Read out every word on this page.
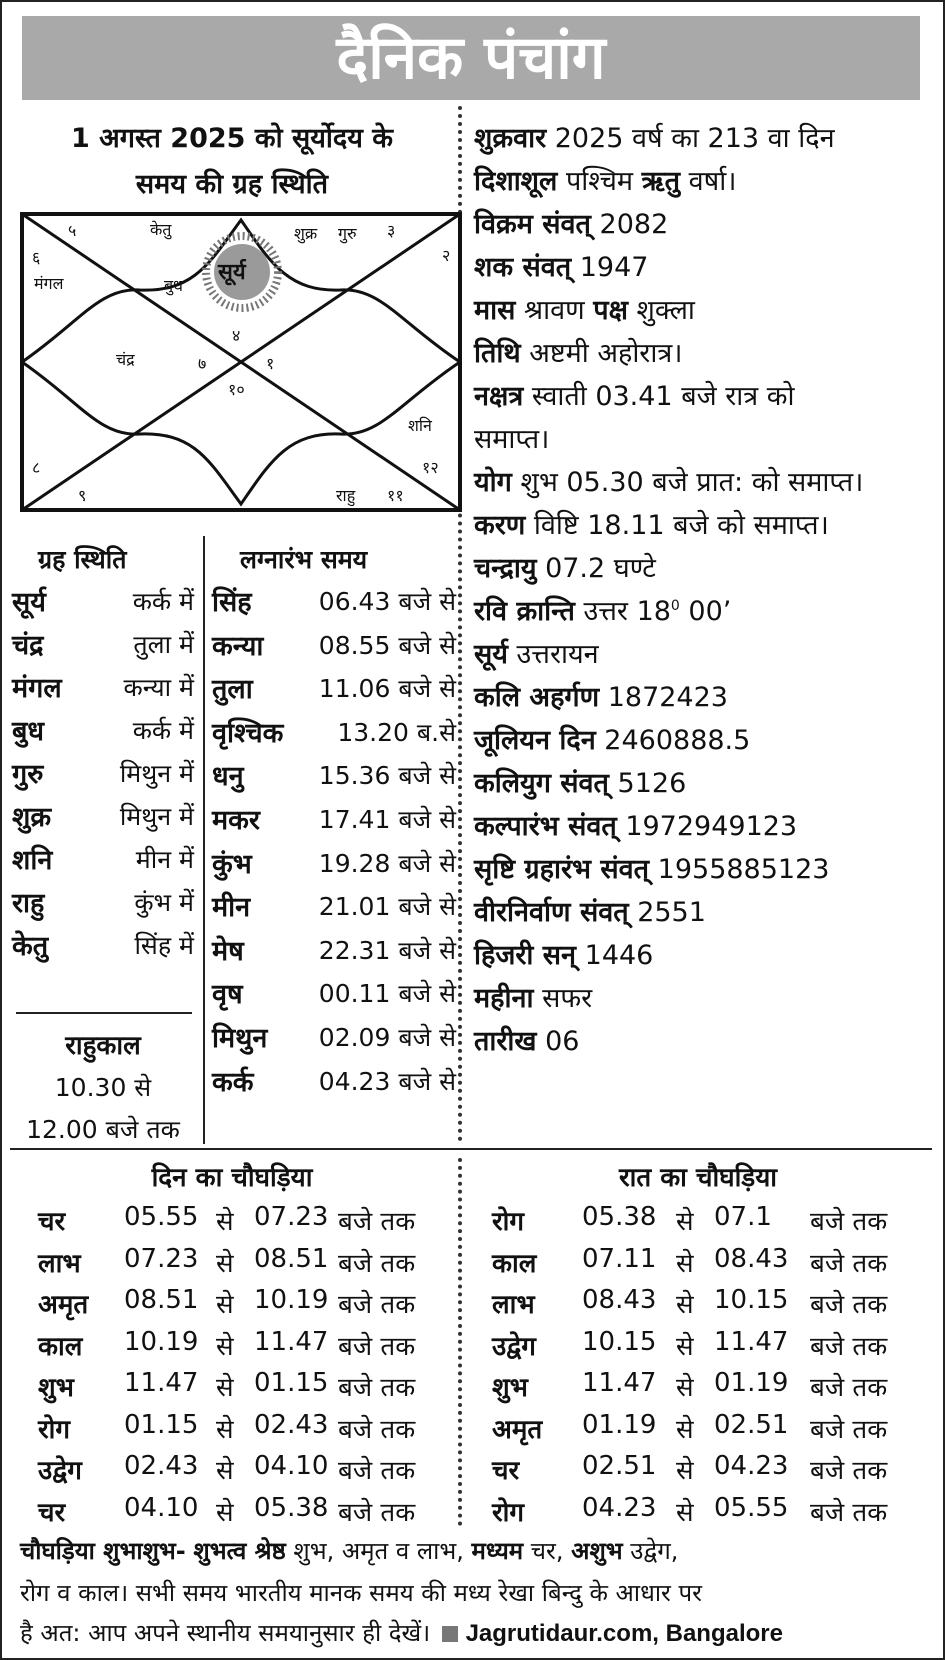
दैनिक पंचांग
1 अगस्त 2025 को सूर्योदय के
समय की ग्रह स्थिति
५
६
३
२
४
१
७
१०
८
९
१२
११
केतु	शुक्र गुरु
मंगल	बुध
सूर्य
चंद्र
शनि
राहु
शुक्रवार 2025 वर्ष का 213 वा दिन
दिशाशूल पश्चिम ऋतु वर्षा।
विक्रम संवत् 2082
शक संवत् 1947
मास श्रावण पक्ष शुक्ला
तिथि अष्टमी अहोरात्र।
नक्षत्र स्वाती 03.41 बजे रात्र को
समाप्त।
योग शुभ 05.30 बजे प्रात: को समाप्त।
करण विष्टि 18.11 बजे को समाप्त।
चन्द्रायु 07.2 घण्टे
रवि क्रान्ति उत्तर $18^0$ 00’
सूर्य उत्तरायन
कलि अहर्गण 1872423
जूलियन दिन 2460888.5
कलियुग संवत् 5126
कल्पारंभ संवत् 1972949123
सृष्टि ग्रहारंभ संवत् 1955885123
वीरनिर्वाण संवत् 2551
हिजरी सन् 1446
महीना सफर
तारीख 06
ग्रह स्थिति
सूर्य	कर्क में
चंद्र	तुला में
मंगल कन्या में
बुध	कर्क में
गुरु	मिथुन में
शुक्र	मिथुन में
शनि	मीन में
राहु	कुंभ में
केतु	सिंह में
राहुकाल
10.30 से
12.00 बजे तक
लग्नारंभ समय
सिंह	06.43 बजे से
कन्या 08.55 बजे से
तुला	11.06 बजे से
वृश्चिक 13.20 ब.से
धनु	15.36 बजे से
मकर 17.41 बजे से
कुंभ	19.28 बजे से
मीन	21.01 बजे से
मेष	22.31 बजे से
वृष	00.11 बजे से
मिथुन 02.09 बजे से
कर्क	04.23 बजे से
दिन का चौघड़िया	रात का चौघड़िया
चर 05.55 से 07.23 बजे तक
लाभ 07.23 से 08.51 बजे तक
अमृत 08.51 से 10.19 बजे तक
काल 10.19 से 11.47 बजे तक
शुभ 11.47 से 01.15 बजे तक
रोग 01.15 से 02.43 बजे तक
उद्वेग 02.43 से 04.10 बजे तक
चर 04.10 से 05.38 बजे तक
रोग 05.38 से 07.1 बजे तक
काल 07.11 से 08.43 बजे तक
लाभ 08.43 से 10.15 बजे तक
उद्वेग 10.15 से 11.47 बजे तक
शुभ 11.47 से 01.19 बजे तक
अमृत 01.19 से 02.51 बजे तक
चर 02.51 से 04.23 बजे तक
रोग 04.23 से 05.55 बजे तक
चौघड़िया शुभाशुभ- शुभत्व श्रेष्ठ शुभ, अमृत व लाभ, मध्यम चर, अशुभ उद्वेग,
रोग व काल। सभी समय भारतीय मानक समय की मध्य रेखा बिन्दु के आधार पर
है अत: आप अपने स्थानीय समयानुसार ही देखें। Jagrutidaur.com, Bangalore
